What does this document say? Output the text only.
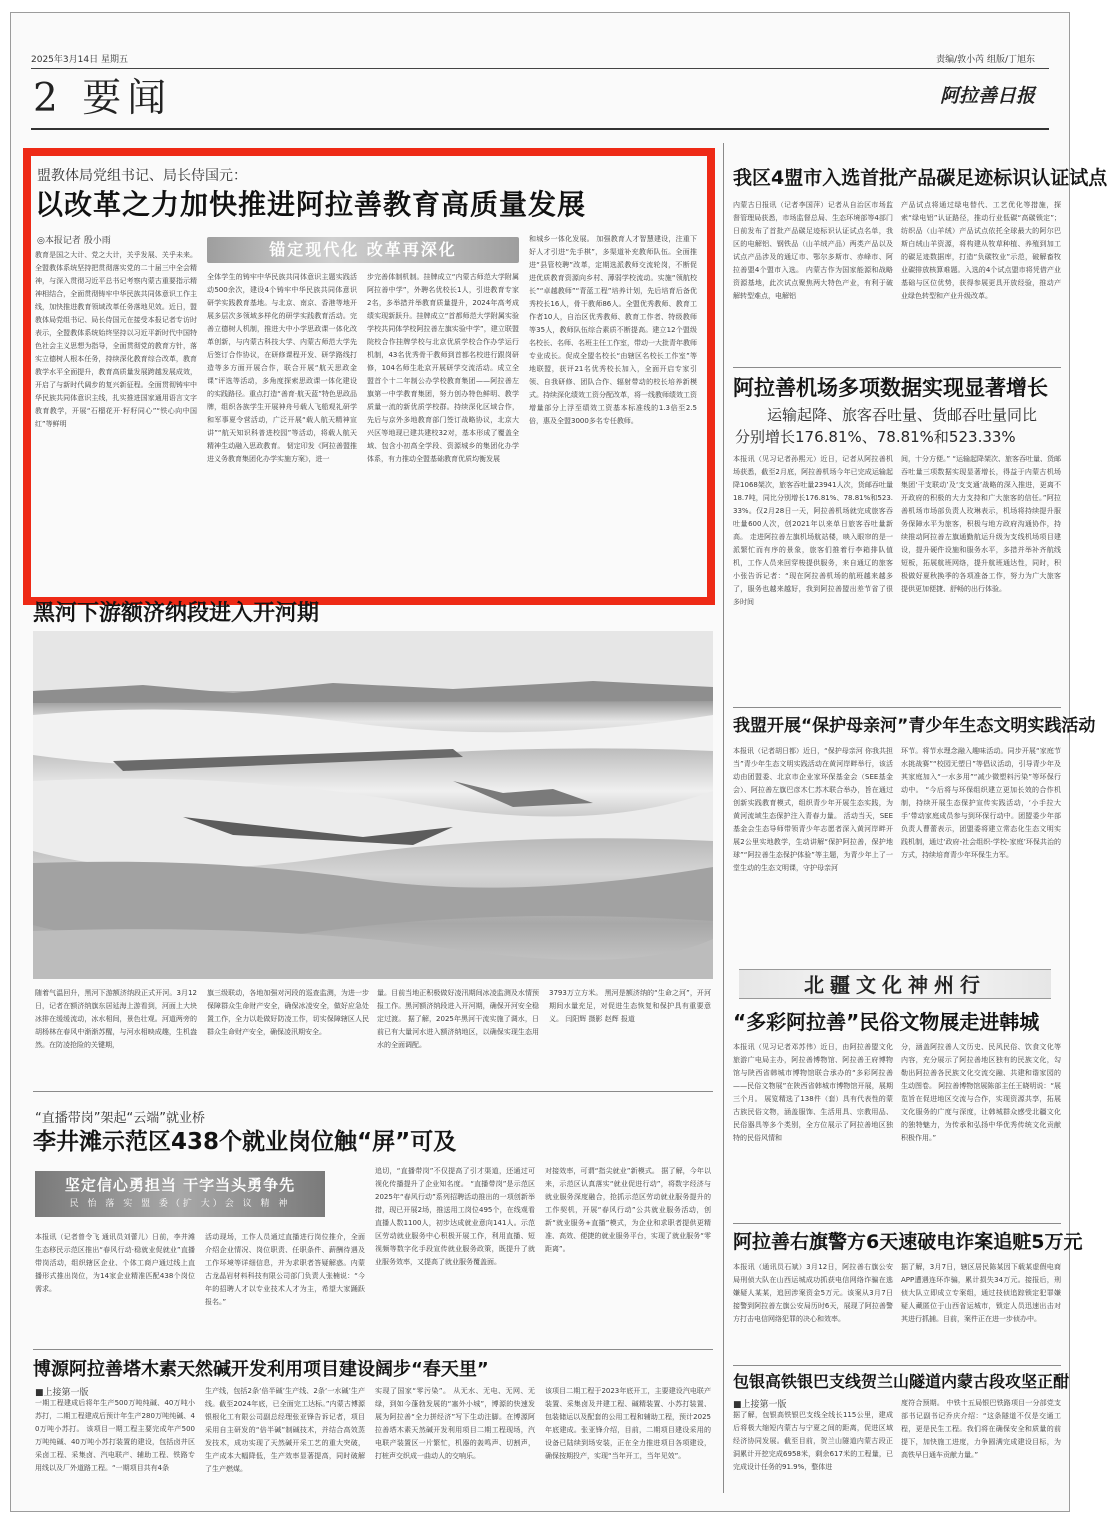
2025年3月14日 星期五	责编/敦小芮 组版/丁旭东
2 要闻	阿拉善日报
盟教体局党组书记、局长侍国元：
以改革之力加快推进阿拉善教育高质量发展
◎本报记者 殷小雨	锚定现代化 改革再深化
教育是国之大计、党之大计，关乎发展、关乎未来。全盟教体系统坚持把贯彻落实党的二十届三中全会精神，与深入贯彻习近平总书记考察内蒙古重要指示精神相结合，全面贯彻铸牢中华民族共同体意识工作主线，加快推进教育领域改革任务落地见效。近日，盟教体局党组书记、局长侍国元在接受本报记者专访时表示，全盟教体系统始终坚持以习近平新时代中国特色社会主义思想为指导，全面贯彻党的教育方针，落实立德树人根本任务，持续深化教育综合改革，教育教学水平全面提升，教育高质量发展跨越发展成效，开启了与新时代阔步的复兴新征程。全面贯彻铸牢中华民族共同体意识主线，扎实推进国家通用语言文字教育教学，开展“石榴花开·籽籽同心”“铁心向中国红”等鲜明
全体学生的铸牢中华民族共同体意识主题实践活动500余次，建设4个铸牢中华民族共同体意识研学实践教育基地。与北京、南京、香港等地开展多层次多领域多样化的研学实践教育活动。完善立德树人机制，推进大中小学思政课一体化改革创新，与内蒙古科技大学、内蒙古师范大学先后签订合作协议，在研修课程开发、研学路线打造等多方面开展合作，联合开展“航天思政金课”评选等活动，多角度探索思政课一体化建设的实践路径。重点打造“善育·航天蓝”特色思政品牌，组织各族学生开展神舟号载人飞船观礼研学和军事夏令营活动，广泛开展“载人航天精神宣讲”“航天知识科普进校园”等活动，将载人航天精神生动融入思政教育。 韧定印发《阿拉善盟推进义务教育集团化办学实施方案》，进一
步完善体制机制。挂牌成立“内蒙古师范大学附属阿拉善中学”，外聘名优校长1人，引进教育专家2名，多举措并举教育质量提升，2024年高考成绩实现新跃升。挂牌成立“首都师范大学附属实验学校共同体学校阿拉善左旗实验中学”，建立联盟院校合作挂牌学校与北京优质学校合作办学运行机制，43名优秀骨干教师到首都名校进行跟岗研修，104名师生赴京开展研学交流活动。成立全盟首个十二年制公办学校教育集团——阿拉善左旗第一中学教育集团，努力创办特色鲜明、教学质量一流的新优质学校群。持续深化区域合作，先后与京外多地教育部门签订战略协议，北京大兴区等地现已建共建校32对，基本形成了覆盖全域、包含小初高全学段、资源城乡的集团化办学体系，有力推动全盟基础教育优质均衡发展
和城乡一体化发展。 加强教育人才智慧建设，注重下好人才引进“先手棋”，多渠道补充教师队伍。全面推进“县管校聘”改革，定期选派教师交流轮岗，不断促进优质教育资源向乡村、薄弱学校流动。实施“领航校长”“卓越教师”“青蓝工程”培养计划，先后培育后备优秀校长16人，骨干教师86人。全盟优秀教师、教育工作者10人，自治区优秀教师、教育工作者、特级教师等35人，教师队伍综合素质不断提高。建立12个盟级名校长、名师、名班主任工作室，带动一大批青年教师专业成长。促成全盟名校长“由辖区名校长工作室”等地联盟，获评21名优秀校长加入，全面开启专家引领、自我研修、团队合作、辐射带动的校长培养新模式。持续深化绩效工资分配改革，将一线教师绩效工资增量部分上浮至绩效工资基本标准线的1.3倍至2.5倍，惠及全盟3000多名专任教师。
我区4盟市入选首批产品碳足迹标识认证试点
内蒙古日报讯（记者李国萍）记者从自治区市场监督管理局获悉，市场监督总局、生态环境部等4部门日前发布了首批产品碳足迹标识认证试点名单，我区的电解铝、钢铁品（山羊绒产品）两类产品以及试点产品涉及的通辽市、鄂尔多斯市、赤峰市、阿拉善盟4个盟市入选。 内蒙古作为国家能源和战略资源基地，此次试点聚焦两大特色产业，有利于破解转型难点，电解铝
产品试点将通过绿电替代、工艺优化等措施，探索“绿电铝”认证路径，推动行业低碳“高碳锁定”；纺织品（山羊绒）产品试点依托全球最大的阿尔巴斯白绒山羊资源，将构建从牧草种植、养殖到加工的碳足迹数据库，打造“负碳牧业”示范，破解畜牧业碳排放核算难题。入选的4个试点盟市将凭借产业基础与区位优势，获得参展更具开放经验，推动产业绿色转型和产业升级改革。
阿拉善机场多项数据实现显著增长
运输起降、旅客吞吐量、货邮吞吐量同比
分别增长176.81%、78.81%和523.33%
本报讯（见习记者孙熙元）近日，记者从阿拉善机场获悉，截至2月底，阿拉善机场今年已完成运输起降1068架次，旅客吞吐量23941人次，货邮吞吐量18.7吨，同比分别增长176.81%、78.81%和523.33%。仅2月28日一天，阿拉善机场就完成旅客吞吐量600人次，创2021年以来单日旅客吞吐量新高。 走进阿拉善左旗机场航站楼，映入眼帘的是一派繁忙而有序的景象，旅客们推着行李箱排队值机，工作人员来回穿梭提供服务，来自通辽的旅客小张告诉记者：“现在阿拉善机场的航班越来越多了，服务也越来越好，我到阿拉善盟出差节省了很多时间
间，十分方便。” “运输起降架次、旅客吞吐量、货邮吞吐量三项数据实现显著增长，得益于内蒙古机场集团‘干支联动’及‘支支通’战略的深入推进，更离不开政府的积极的大力支持和广大旅客的信任。”阿拉善机场市场部负责人玫琳表示，机场将持续提升服务保障水平为旅客，积极与地方政府沟通协作，持续推动阿拉善左旗通勤航运升级为支线机场项目建设，提升硬件设施和服务水平，多措并举补齐航线短板，拓展航班网络，提升航班通达性，同时，积极做好夏秋换季的各项准备工作，努力为广大旅客提供更加便捷、舒畅的出行体验。
我盟开展“保护母亲河”青少年生态文明实践活动
本报讯（记者胡日都）近日，“保护母亲河 你我共担当”青少年生态文明实践活动在黄河岸畔举行，该活动由团盟委、北京市企业家环保基金会（SEE基金会）、阿拉善左旗巴彦木仁苏木联合举办，旨在通过创新实践教育模式，组织青少年开展生态实践，为黄河流域生态保护注入青春力量。 活动当天，SEE基金会生态导师带领青少年志愿者深入黄河岸畔开展2公里实地教学，生动讲解“保护阿拉善，保护地球”“阿拉善生态保护体验”等主题，为青少年上了一堂生动的生态文明课，守护母亲河
环节。将节水理念融入趣味活动。同步开展“家庭节水挑战赛”“校园无塑日”等倡议活动，引导青少年及其家庭加入“一水多用”“减少微塑料污染”等环保行动中。 “今后将与环保组织建立更加长效的合作机制，持续开展生态保护宣传实践活动，‘小手拉大手’带动家庭成员参与到环保行动中。团盟委少年部负责人曹蕾表示，团盟委将建立常态化生态文明实践机制，通过‘政府-社会组织-学校-家庭’环保共治的方式，持续培育青少年环保生力军。
北疆文化神州行
“多彩阿拉善”民俗文物展走进韩城
本报讯（见习记者邓苏伟）近日，由阿拉善盟文化旅游广电局主办，阿拉善博物馆、阿拉善王府博物馆与陕西省韩城市博物馆联合承办的“多彩阿拉善——民俗文物展”在陕西省韩城市博物馆开展，展期三个月。 展览精选了138件（套）具有代表性的蒙古族民俗文物，涵盖服饰、生活用具、宗教用品、民俗器具等多个类别，全方位展示了阿拉善地区独特的民俗风情和
分，涵盖阿拉善人文历史、民风民俗、饮食文化等内容，充分展示了阿拉善地区独有的民族文化，勾勒出阿拉善各民族文化交流交融、共建和谐家园的生动图卷。 阿拉善博物馆展陈部主任王晓明说：“展览旨在促进地区交流与合作，实现资源共享，拓展文化服务的广度与深度，让韩城群众感受北疆文化的独特魅力，为传承和弘扬中华优秀传统文化贡献积极作用。”
阿拉善右旗警方6天速破电诈案追赃5万元
本报讯（通讯员石斌）3月12日，阿拉善右旗公安局刑侦大队在山西运城成功抓获电信网络诈骗在逃嫌疑人某某，追回涉案资金5万元。该案从3月7日接警到阿拉善左旗公安局历时6天，展现了阿拉善警方打击电信网络犯罪的决心和效率。
据了解，3月7日，辖区居民陈某因下载某虚假电商APP遭遇连环诈骗，累计损失34万元。接报后，刑侦大队立即成立专案组，通过技侦追踪锁定犯罪嫌疑人藏匿位于山西省运城市，锁定人员迅速出击对其进行抓捕。目前，案件正在进一步侦办中。
包银高铁银巴支线贺兰山隧道内蒙古段攻坚正酣
■上接第一版
据了解，包银高铁银巴支线全线长115公里，建成后将极大缩短内蒙古与宁夏之间的距离，促进区域经济协同发展。截至目前，贺兰山隧道内蒙古段正洞累计开挖完成6958米，剩余617米的工程量，已完成设计任务的91.9%，整体进
度符合预期。 中铁十五局银巴铁路项目一分部党支部书记副书记乔庆介绍：“这条隧道不仅是交通工程，更是民生工程。我们将在确保安全和质量的前提下，加快施工进度，力争圆满完成建设目标，为高铁早日通车贡献力量。”
黑河下游额济纳段进入开河期
随着气温回升，黑河下游额济纳段正式开河。3月12日，记者在额济纳旗东居延海上游看到，河面上大块冰排在缓缓流动，冰水相间，景色壮观。河道两旁的胡杨林在春风中渐渐苏醒，与河水相映成趣，生机盎然。在防凌抢险的关键期，
旗三级联动，各地加强对河段的巡查监测，为进一步保障群众生命财产安全，确保冰凌安全，做好应急处置工作，全力以赴做好防凌工作，切实保障辖区人民群众生命财产安全，确保凌汛期安全。
量。目前当地正积极做好凌汛期间冰凌监测及水情预报工作。黑河额济纳段进入开河期，确保开河安全稳定过渡。 据了解，2025年黑河干流实施了调水，日前已有大量河水进入额济纳地区，以确保实现生态用水的全面调配。
3793万立方米。 黑河是额济纳的“生命之河”，开河期间水量充足，对促进生态恢复和保护具有重要意义。 闫阳辉 摄影 赵辉 报道
“直播带岗”架起“云端”就业桥
李井滩示范区438个就业岗位触“屏”可及
坚定信心勇担当 干字当头勇争先
民 怡 落 实 盟 委（扩 大）会 议 精 神
本报讯（记者曾令飞 通讯员刘蕾儿）日前，李井滩生态移民示范区推出“春风行动·稳就业促就业”直播带岗活动，组织辖区企业、个体工商户通过线上直播形式推出岗位，为14家企业精准匹配438个岗位需求。
活动现场，工作人员通过直播进行岗位推介，全面介绍企业情况、岗位职责、任职条件、薪酬待遇及工作环境等详细信息，并为求职者答疑解惑。内蒙古龙晶岩材料科技有限公司部门负责人张楠说：“今年的招聘人才以专业技术人才为主，希望大家踊跃报名。”
追切，“直播带岗”不仅提高了引才渠道，还通过可视化传播提升了企业知名度。 “直播带岗”是示范区2025年“春风行动”系列招聘活动推出的一项创新举措，现已开展2场，推送用工岗位495个，在线观看直播人数1100人，初步达成就业意向141人。示范区劳动就业服务中心积极开展工作，利用直播、短视频等数字化手段宣传就业服务政策，既提升了就业服务效率，又提高了就业服务覆盖面。
对接效率，可谓“指尖就业”新模式。 据了解，今年以来，示范区认真落实“就业促进行动”，将数字经济与就业服务深度融合，抢抓示范区劳动就业服务提升的工作契机，开展“春风行动”公共就业服务活动，创新“就业服务+直播”模式，为企业和求职者提供更精准、高效、便捷的就业服务平台，实现了就业服务“零距离”。
博源阿拉善塔木素天然碱开发利用项目建设阔步“春天里”
■上接第一版
一期工程建成后将年生产500万吨纯碱、40万吨小苏打，二期工程建成后预计年生产280万吨纯碱、40万吨小苏打。 该项目一期工程主要完成年产500万吨纯碱、40万吨小苏打装置的建设，包括卤井区采卤工程、采集卤、汽电联产、辅助工程、铁路专用线以及厂外道路工程。“一期项目共有4条
生产线，包括2条‘倍半碱’生产线、2条‘一水碱’生产线。截至2024年底，已全面完工达标。”内蒙古博源银根化工有限公司副总经理张亚锋告诉记者，项目采用自主研发的“倍半碱”制碱技术，并结合高效蒸发技术，成功实现了天然碱开采工艺的重大突破，生产成本大幅降低，生产效率显著提高，同时破解了生产燃煤。
实现了国家“零污染”。 从无水、无电、无网、无绿，到如今蓬勃发展的“塞外小城”，博源的快速发展为阿拉善“全力拼经济”写下生动注脚。在博源阿拉善塔木素天然碱开发利用项目二期工程现场，汽电联产装置区一片繁忙，机器的轰鸣声、切割声，打桩声交织成一曲动人的交响乐。
该项目二期工程于2023年底开工，主要建设汽电联产装置、采集卤及井建工程、碱精装置、小苏打装置、包装储运以及配套的公用工程和辅助工程，预计2025年底建成。张亚锋介绍，目前，二期项目建设采用的设备已陆续到场安装，正在全力推进项目各项建设，确保按期投产，实现“当年开工，当年见效”。
